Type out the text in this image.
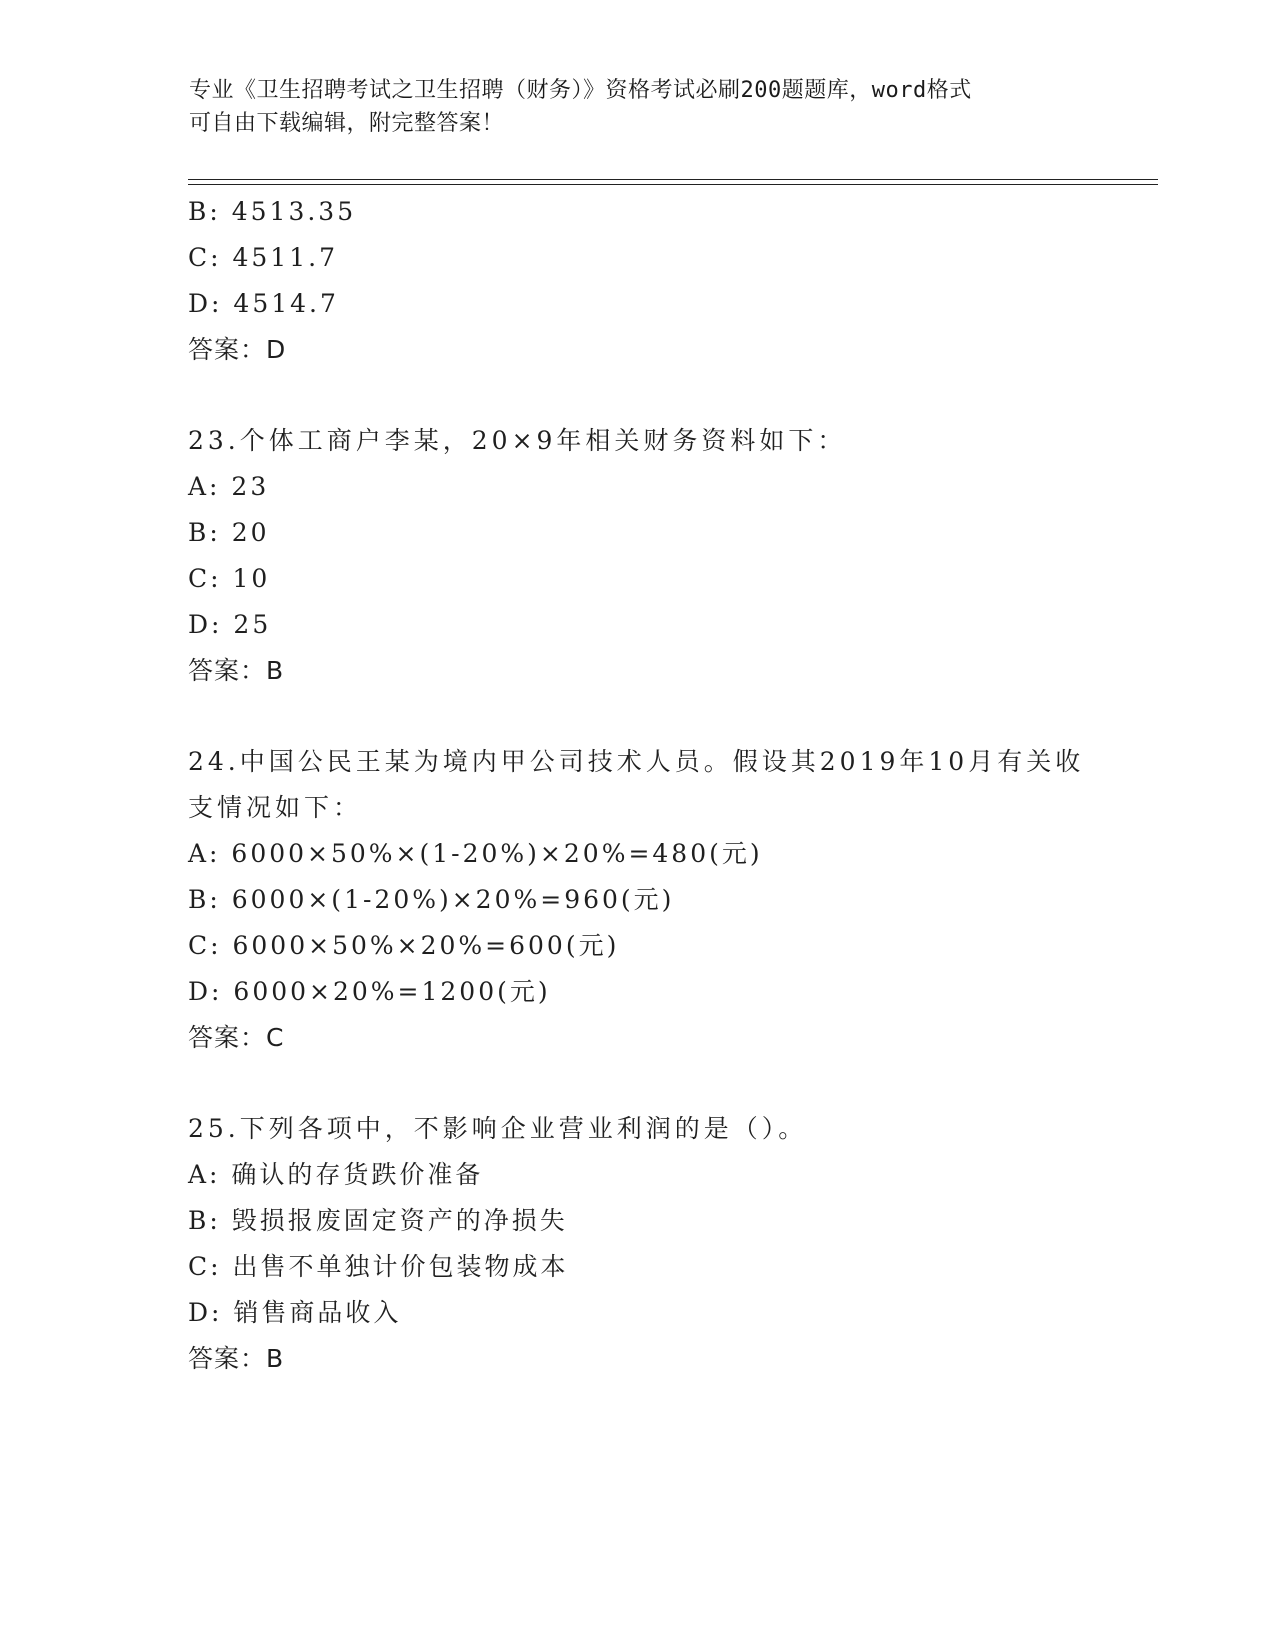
专业《卫生招聘考试之卫生招聘（财务）》资格考试必刷200题题库，word格式
可自由下载编辑，附完整答案！
B: 4513.35
C: 4511.7
D: 4514.7
答案：D
23.个体工商户李某，20×9年相关财务资料如下：
A: 23
B: 20
C: 10
D: 25
答案：B
24.中国公民王某为境内甲公司技术人员。假设其2019年10月有关收
支情况如下：
A: 6000×50%×(1-20%)×20%=480(元)
B: 6000×(1-20%)×20%=960(元)
C: 6000×50%×20%=600(元)
D: 6000×20%=1200(元)
答案：C
25.下列各项中，不影响企业营业利润的是（）。
A: 确认的存货跌价准备
B: 毁损报废固定资产的净损失
C: 出售不单独计价包装物成本
D: 销售商品收入
答案：B
